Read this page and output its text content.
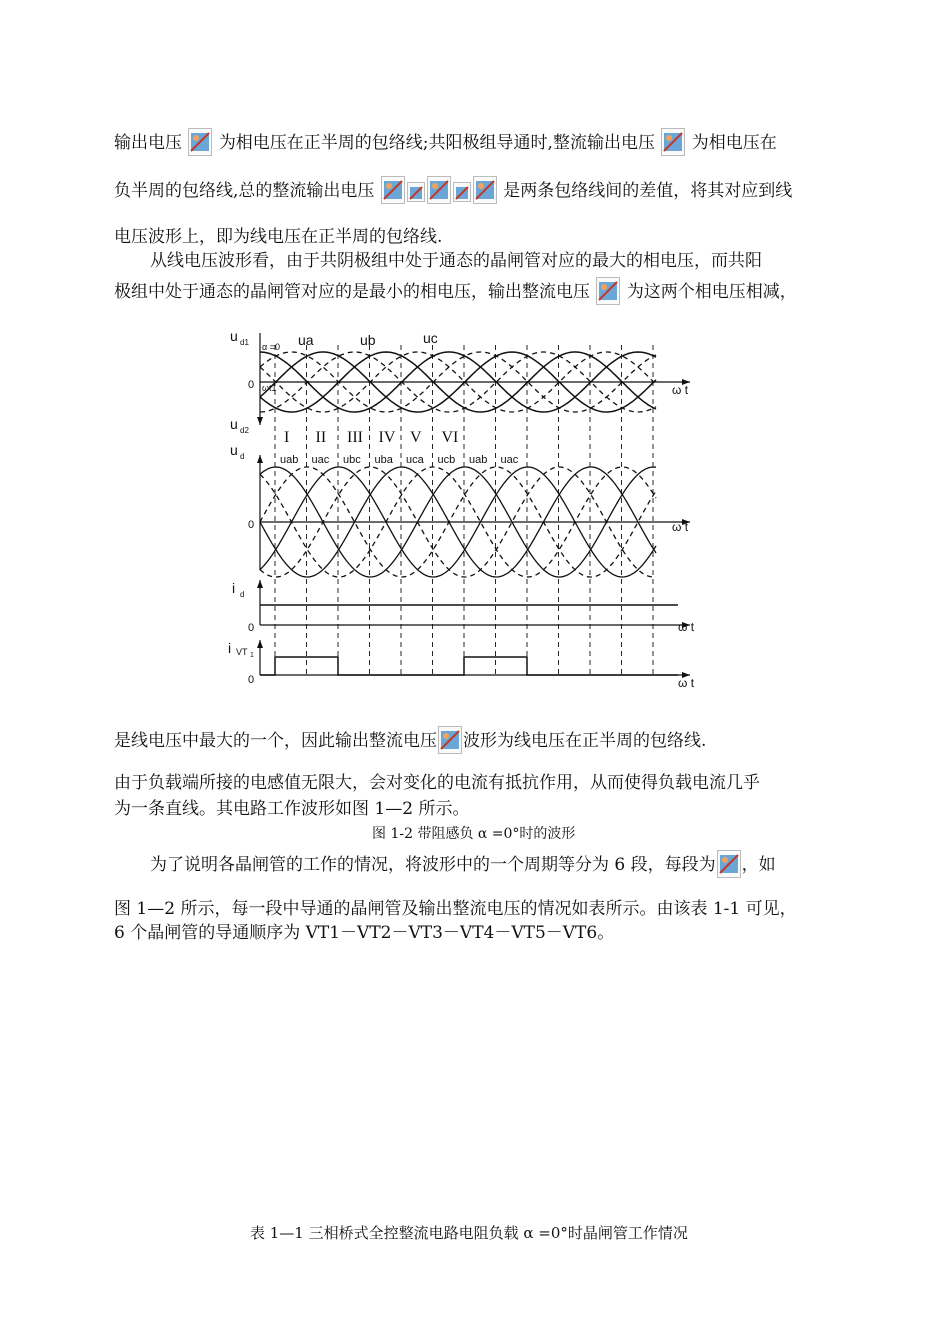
输出电压 为相电压在正半周的包络线;共阳极组导通时,整流输出电压 为相电压在
负半周的包络线,总的整流输出电压	是两条包络线间的差值，将其对应到线
电压波形上，即为线电压在正半周的包络线.
从线电压波形看，由于共阴极组中处于通态的晶闸管对应的最大的相电压，而共阳
极组中处于通态的晶闸管对应的是最小的相电压，输出整流电压 为这两个相电压相减，
u d1
u d2
u d
i d
i VT 1
α =0
ωt1
0
0
0
0
ω t
ω t
ω t
ω t
ua	ub	uc
I II III IV V VI
uab uac ubc uba uca ucb uab uac
是线电压中最大的一个，因此输出整流电压 波形为线电压在正半周的包络线.
由于负载端所接的电感值无限大，会对变化的电流有抵抗作用，从而使得负载电流几乎
为一条直线。其电路工作波形如图 1—2 所示。
图 1-2 带阻感负 α =0°时的波形
为了说明各晶闸管的工作的情况，将波形中的一个周期等分为 6 段，每段为 ，如
图 1—2 所示，每一段中导通的晶闸管及输出整流电压的情况如表所示。由该表 1-1 可见，
6 个晶闸管的导通顺序为 VT1－VT2－VT3－VT4－VT5－VT6。
表 1—1 三相桥式全控整流电路电阻负载 α =0°时晶闸管工作情况
